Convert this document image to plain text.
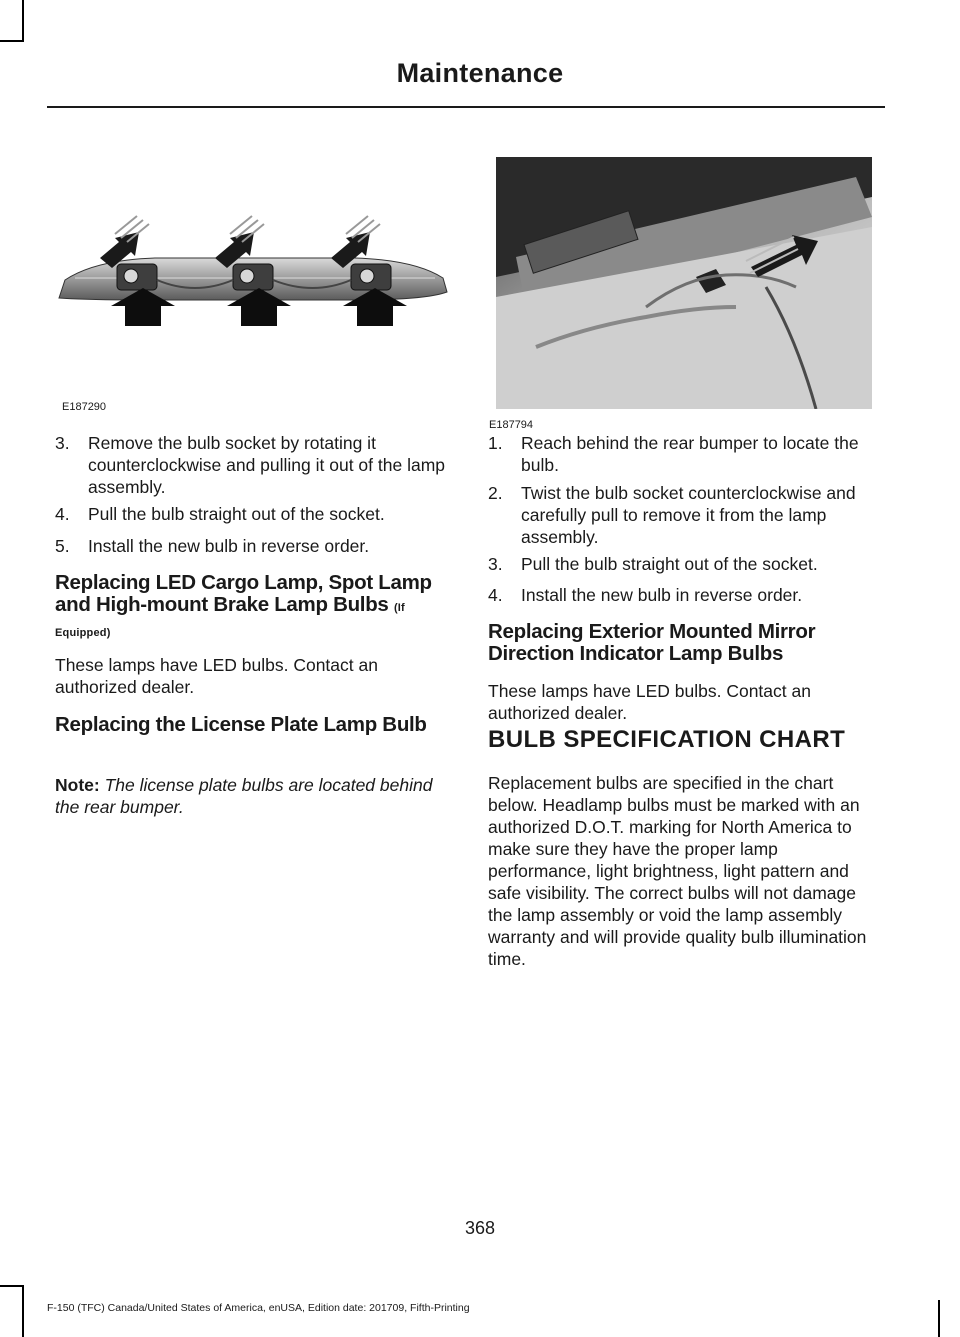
Maintenance
E187290
E187794
3. Remove the bulb socket by rotating it counterclockwise and pulling it out of the lamp assembly.
4. Pull the bulb straight out of the socket.
5. Install the new bulb in reverse order.
Replacing LED Cargo Lamp, Spot Lamp and High-mount Brake Lamp Bulbs (If Equipped)
These lamps have LED bulbs. Contact an authorized dealer.
Replacing the License Plate Lamp Bulb
Note: The license plate bulbs are located behind the rear bumper.
1. Reach behind the rear bumper to locate the bulb.
2. Twist the bulb socket counterclockwise and carefully pull to remove it from the lamp assembly.
3. Pull the bulb straight out of the socket.
4. Install the new bulb in reverse order.
Replacing Exterior Mounted Mirror Direction Indicator Lamp Bulbs
These lamps have LED bulbs. Contact an authorized dealer.
BULB SPECIFICATION CHART
Replacement bulbs are specified in the chart below. Headlamp bulbs must be marked with an authorized D.O.T. marking for North America to make sure they have the proper lamp performance, light brightness, light pattern and safe visibility. The correct bulbs will not damage the lamp assembly or void the lamp assembly warranty and will provide quality bulb illumination time.
368
F-150 (TFC) Canada/United States of America, enUSA, Edition date: 201709, Fifth-Printing
